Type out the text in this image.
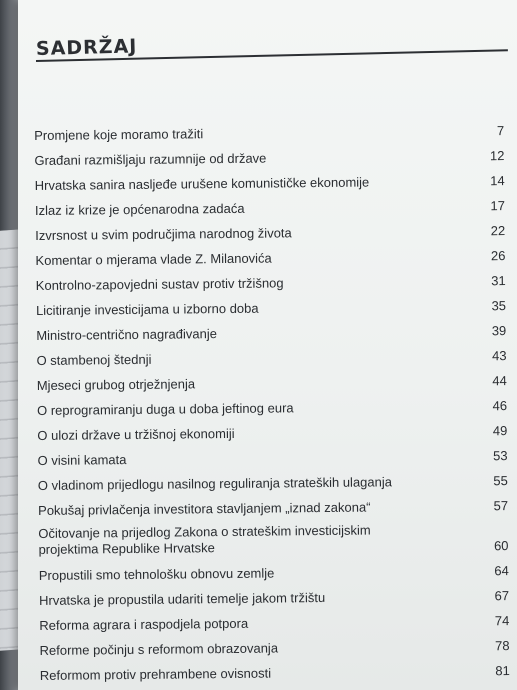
SADRŽAJ
Promjene koje moramo tražiti	7
Građani razmišljaju razumnije od države	12
Hrvatska sanira nasljeđe urušene komunističke ekonomije	14
Izlaz iz krize je općenarodna zadaća	17
Izvrsnost u svim područjima narodnog života	22
Komentar o mjerama vlade Z. Milanovića	26
Kontrolno-zapovjedni sustav protiv tržišnog	31
Licitiranje investicijama u izborno doba	35
Ministro-centrično nagrađivanje	39
O stambenoj štednji	43
Mjeseci grubog otrježnjenja	44
O reprogramiranju duga u doba jeftinog eura	46
O ulozi države u tržišnoj ekonomiji	49
O visini kamata	53
O vladinom prijedlogu nasilnog reguliranja strateških ulaganja	55
Pokušaj privlačenja investitora stavljanjem „iznad zakona“	57
Očitovanje na prijedlog Zakona o strateškim investicijskim projektima Republike Hrvatske	60
Propustili smo tehnološku obnovu zemlje	64
Hrvatska je propustila udariti temelje jakom tržištu	67
Reforma agrara i raspodjela potpora	74
Reforme počinju s reformom obrazovanja	78
Reformom protiv prehrambene ovisnosti	81
